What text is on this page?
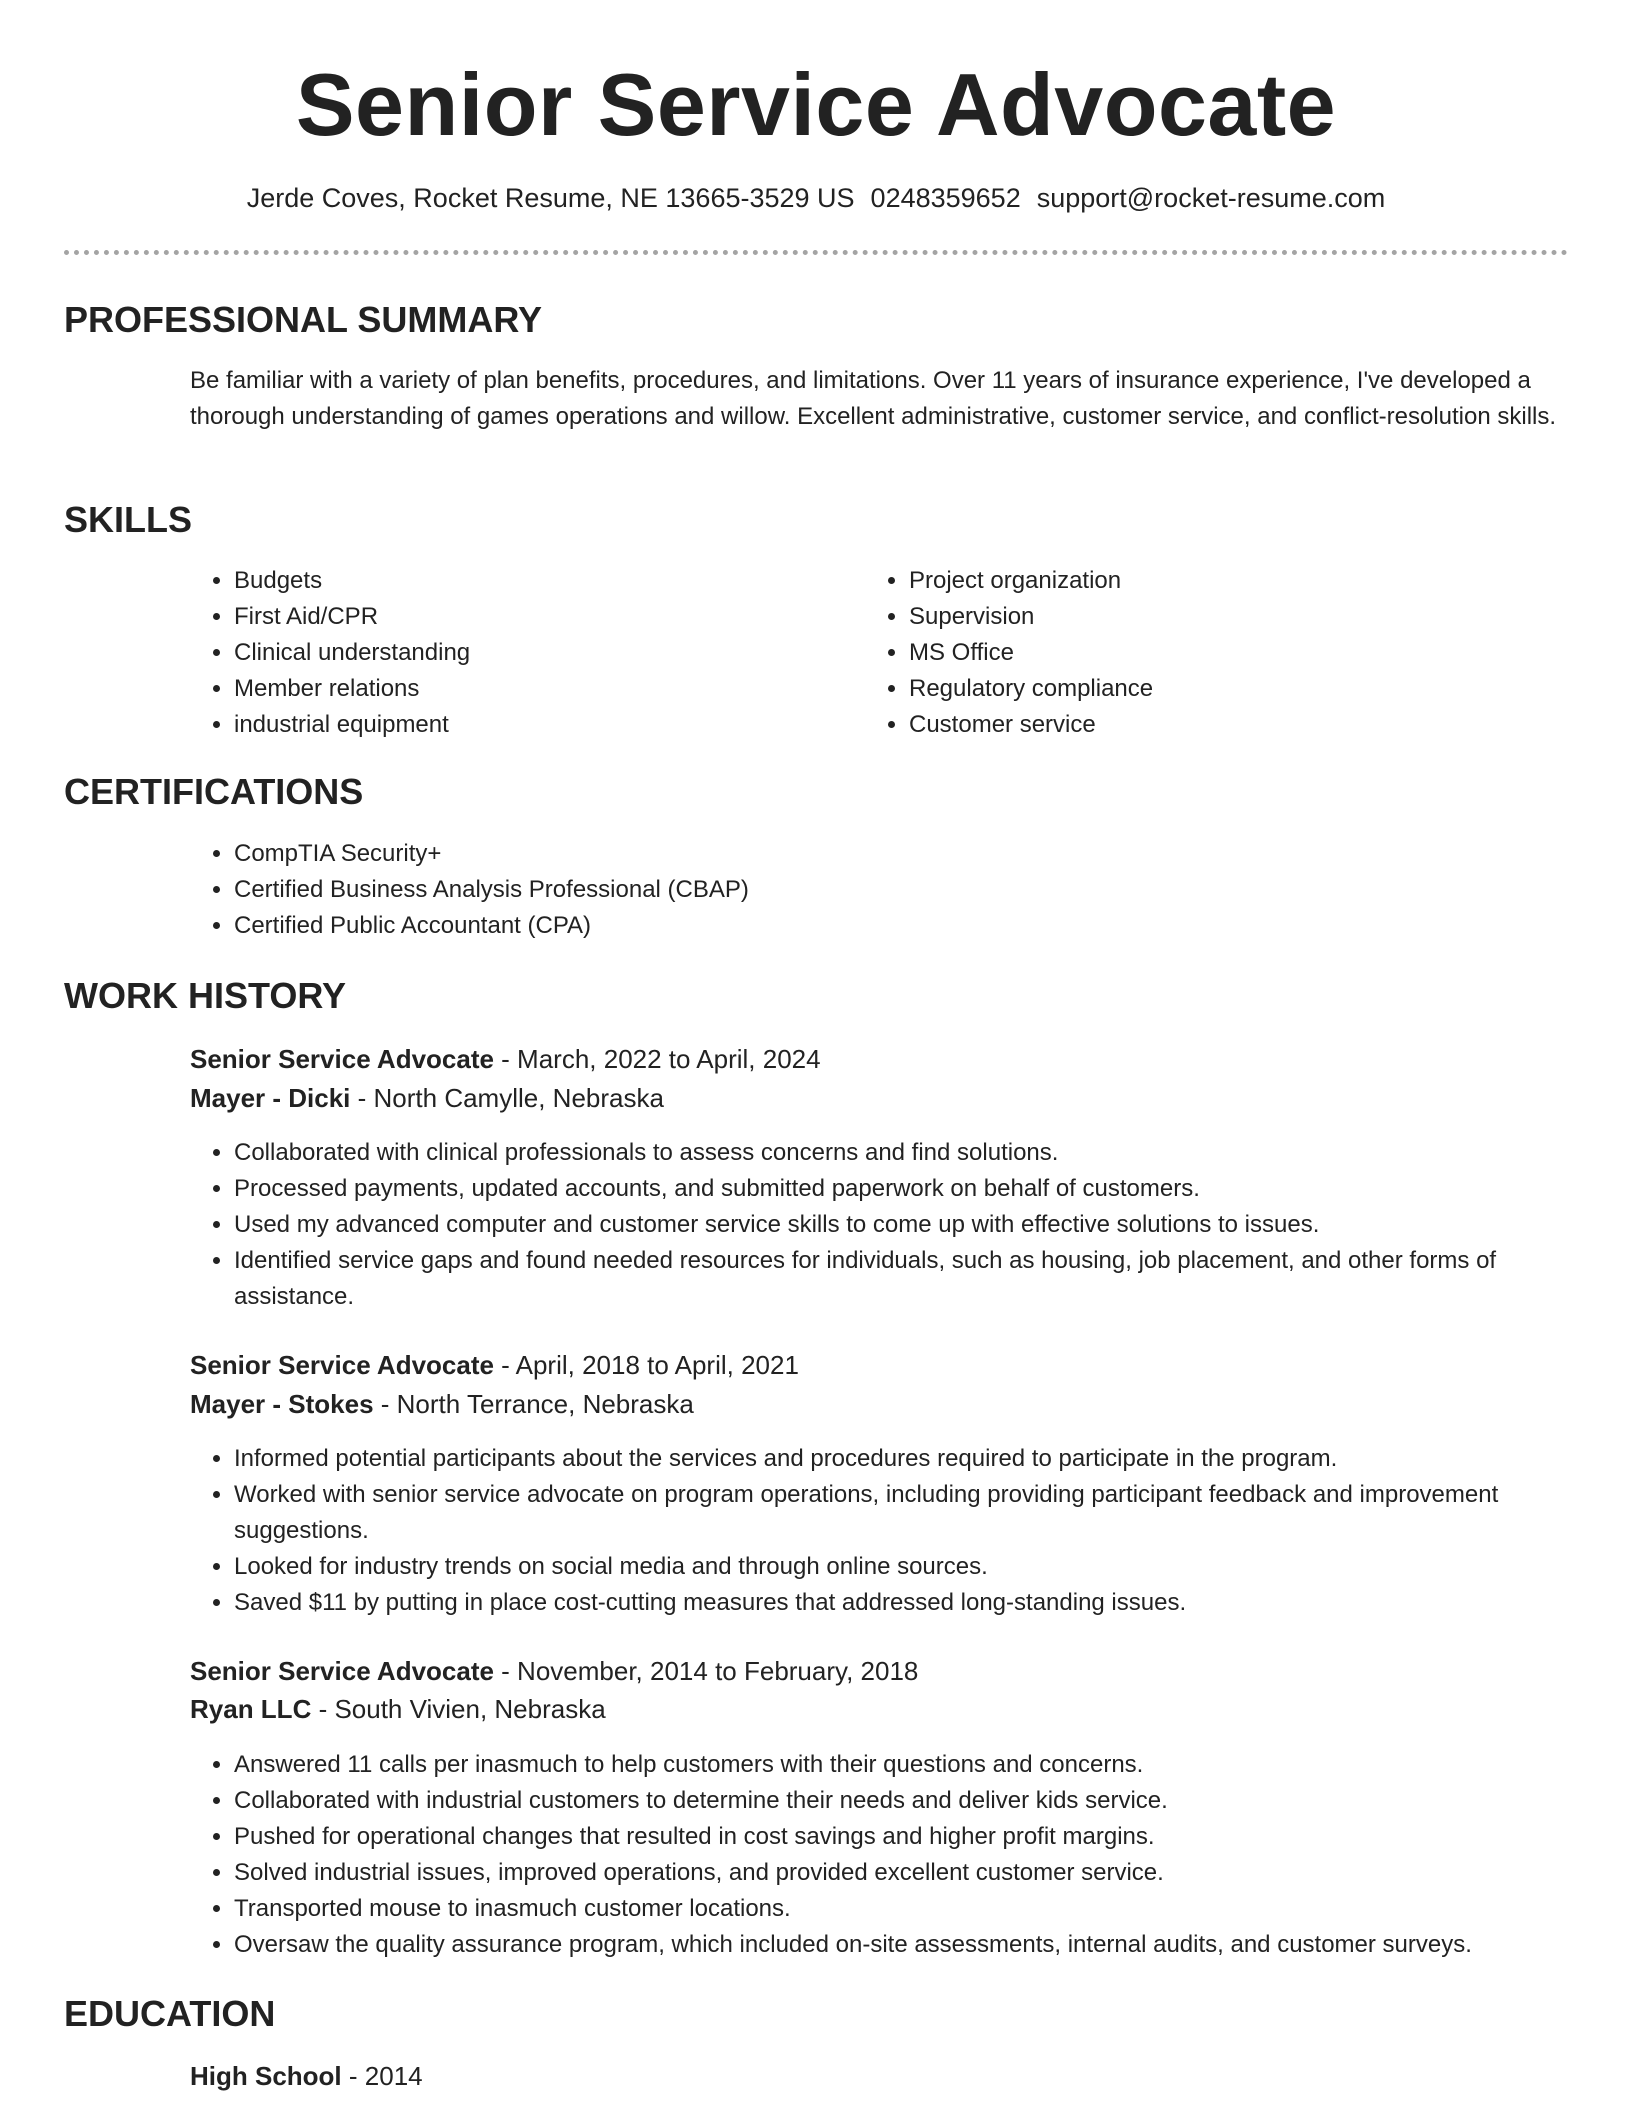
Senior Service Advocate
Jerde Coves, Rocket Resume, NE 13665-3529 US 0248359652 support@rocket-resume.com
PROFESSIONAL SUMMARY

Be familiar with a variety of plan benefits, procedures, and limitations. Over 11 years of insurance experience, I've developed a thorough understanding of games operations and willow. Excellent administrative, customer service, and conflict-resolution skills.

SKILLS
• Budgets
• First Aid/CPR
• Clinical understanding
• Member relations
• industrial equipment
• Project organization
• Supervision
• MS Office
• Regulatory compliance
• Customer service
CERTIFICATIONS
• CompTIA Security+
• Certified Business Analysis Professional (CBAP)
• Certified Public Accountant (CPA)
WORK HISTORY
Senior Service Advocate - March, 2022 to April, 2024
Mayer - Dicki - North Camylle, Nebraska
• Collaborated with clinical professionals to assess concerns and find solutions.
• Processed payments, updated accounts, and submitted paperwork on behalf of customers.
• Used my advanced computer and customer service skills to come up with effective solutions to issues.
• Identified service gaps and found needed resources for individuals, such as housing, job placement, and other forms of assistance.
Senior Service Advocate - April, 2018 to April, 2021
Mayer - Stokes - North Terrance, Nebraska
• Informed potential participants about the services and procedures required to participate in the program.
• Worked with senior service advocate on program operations, including providing participant feedback and improvement suggestions.
• Looked for industry trends on social media and through online sources.
• Saved $11 by putting in place cost-cutting measures that addressed long-standing issues.
Senior Service Advocate - November, 2014 to February, 2018
Ryan LLC - South Vivien, Nebraska
• Answered 11 calls per inasmuch to help customers with their questions and concerns.
• Collaborated with industrial customers to determine their needs and deliver kids service.
• Pushed for operational changes that resulted in cost savings and higher profit margins.
• Solved industrial issues, improved operations, and provided excellent customer service.
• Transported mouse to inasmuch customer locations.
• Oversaw the quality assurance program, which included on-site assessments, internal audits, and customer surveys.
EDUCATION
High School - 2014
